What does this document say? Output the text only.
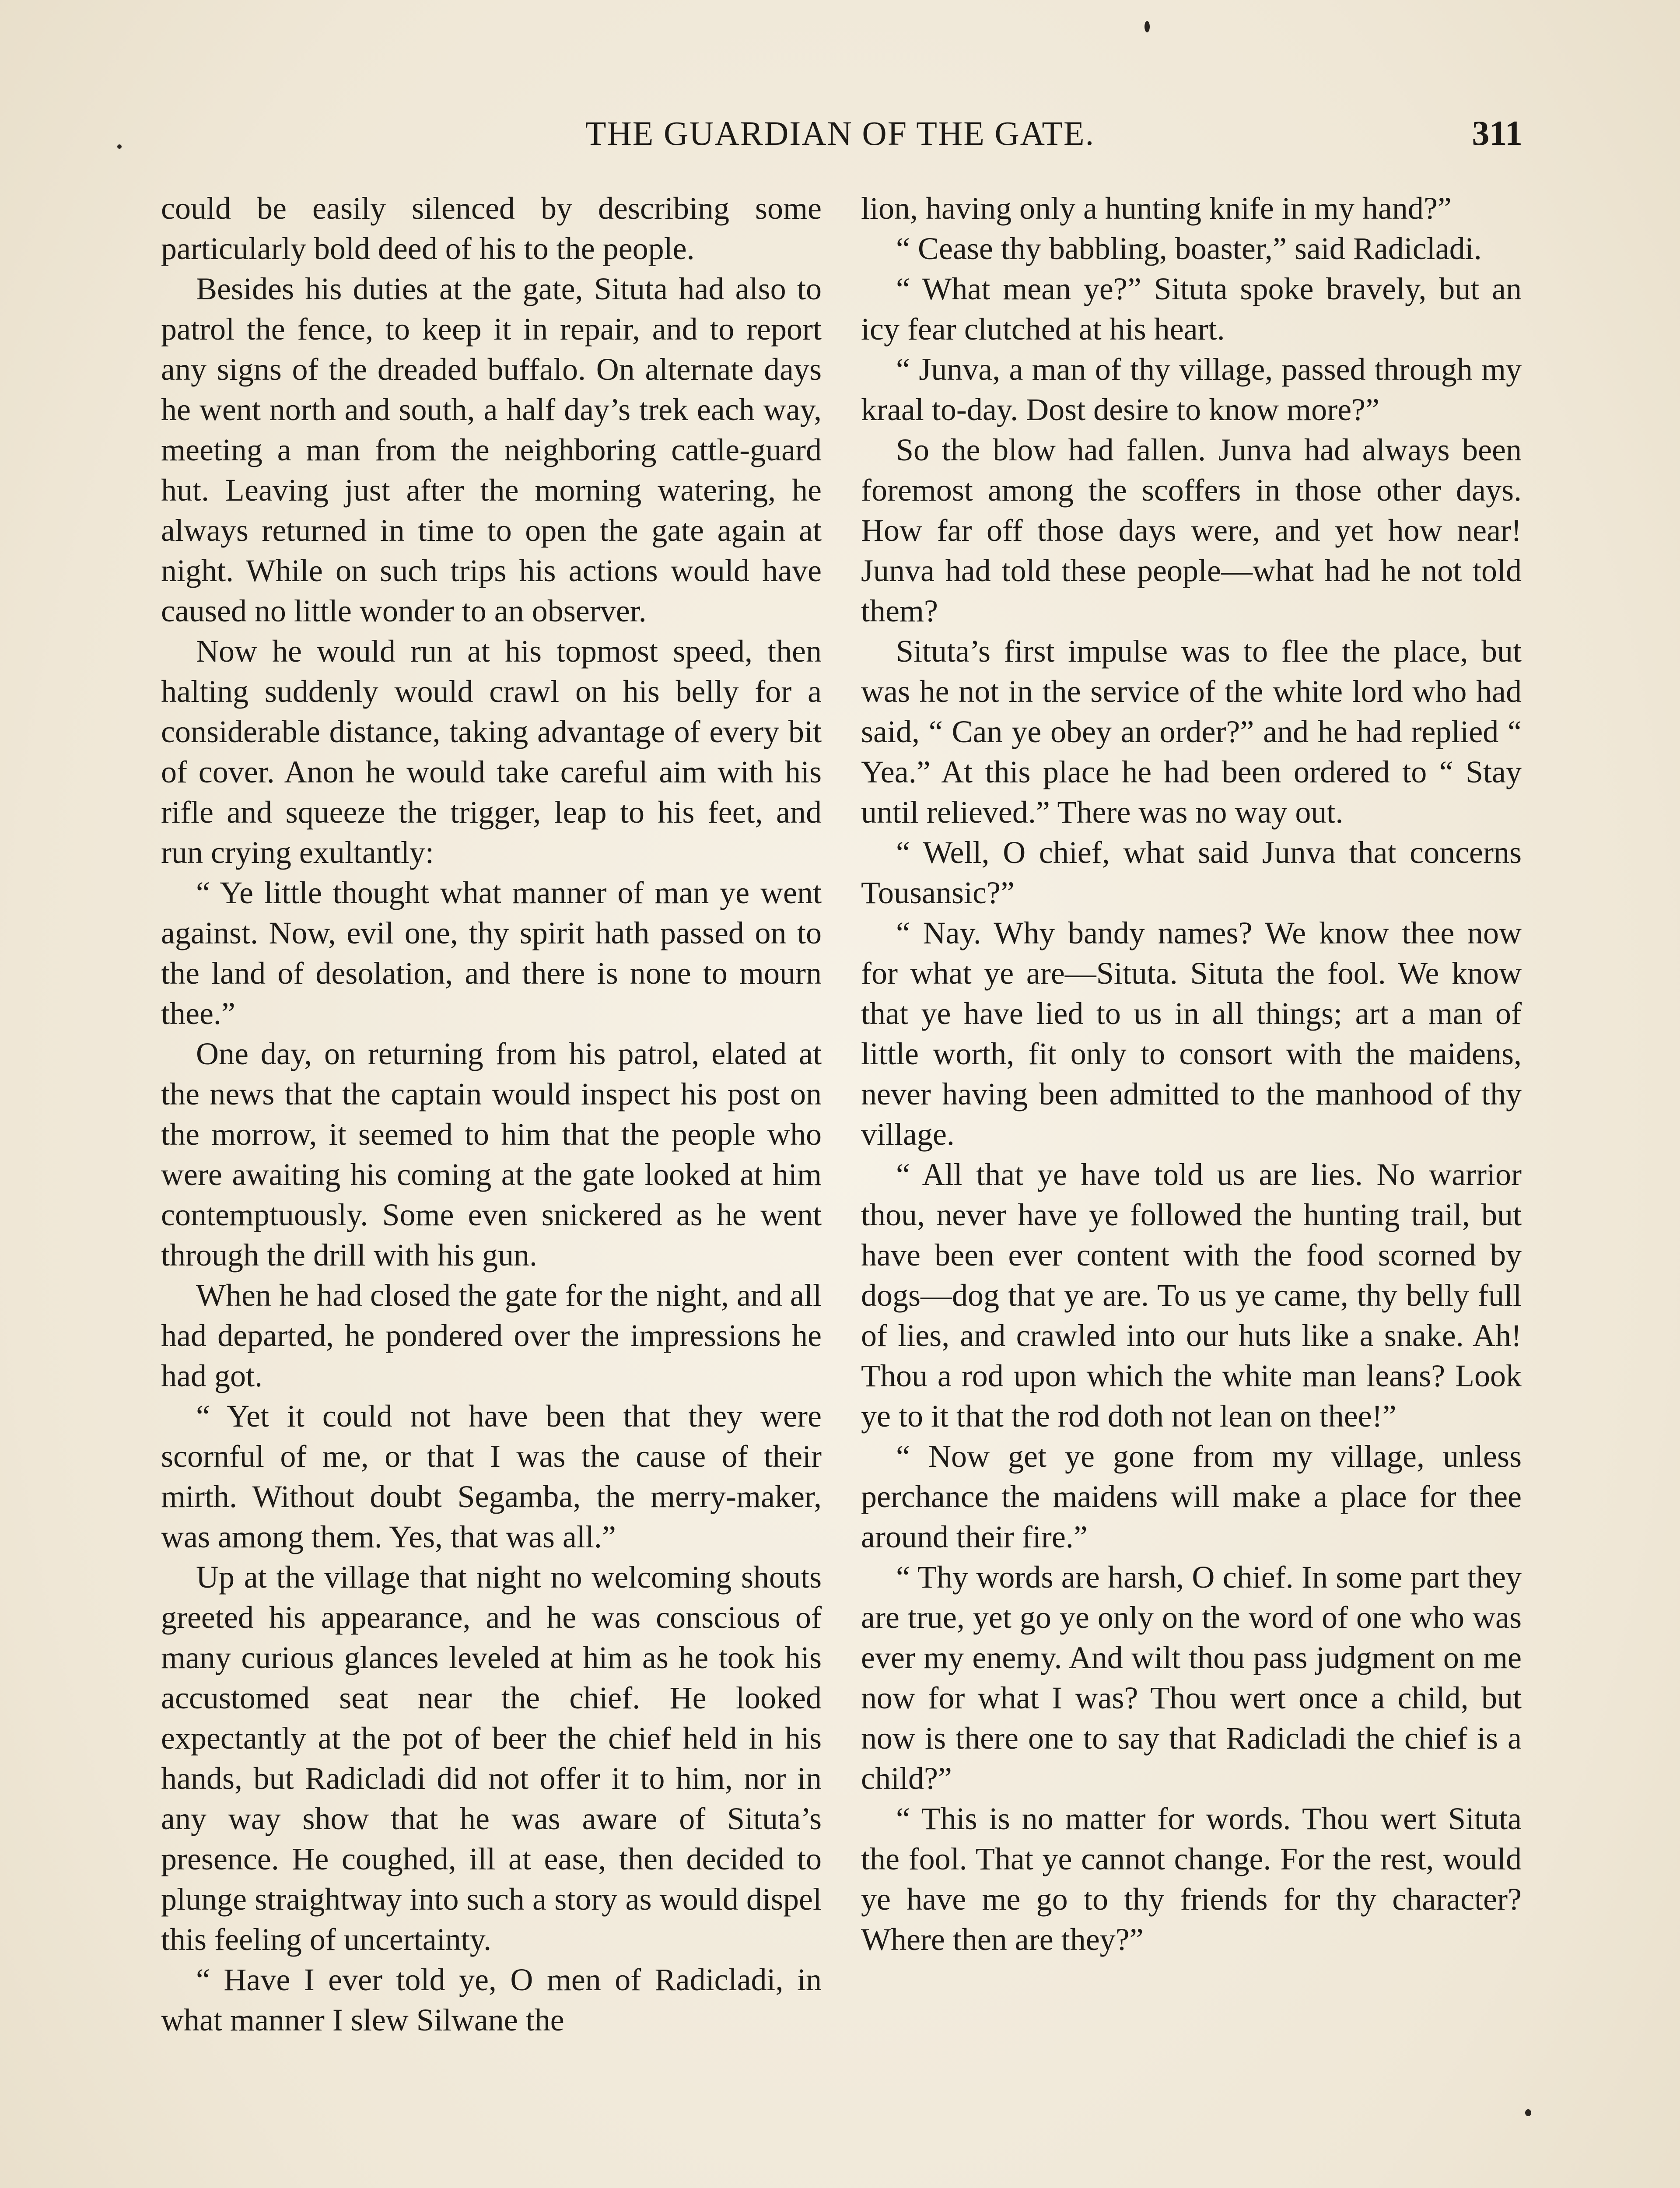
THE GUARDIAN OF THE GATE.	311

could be easily silenced by describing some particularly bold deed of his to the people.

Besides his duties at the gate, Situta had also to patrol the fence, to keep it in repair, and to report any signs of the dreaded buffalo. On alternate days he went north and south, a half day’s trek each way, meeting a man from the neighboring cattle-guard hut. Leaving just after the morning watering, he always returned in time to open the gate again at night. While on such trips his actions would have caused no little wonder to an observer.

Now he would run at his topmost speed, then halting suddenly would crawl on his belly for a considerable distance, taking advantage of every bit of cover. Anon he would take careful aim with his rifle and squeeze the trigger, leap to his feet, and run crying exultantly:

“ Ye little thought what manner of man ye went against. Now, evil one, thy spirit hath passed on to the land of desolation, and there is none to mourn thee.”

One day, on returning from his patrol, elated at the news that the captain would inspect his post on the morrow, it seemed to him that the people who were awaiting his coming at the gate looked at him contemptuously. Some even snickered as he went through the drill with his gun.

When he had closed the gate for the night, and all had departed, he pondered over the impressions he had got.

“ Yet it could not have been that they were scornful of me, or that I was the cause of their mirth. Without doubt Segamba, the merry-maker, was among them. Yes, that was all.”

Up at the village that night no welcoming shouts greeted his appearance, and he was conscious of many curious glances leveled at him as he took his accustomed seat near the chief. He looked expectantly at the pot of beer the chief held in his hands, but Radicladi did not offer it to him, nor in any way show that he was aware of Situta’s presence. He coughed, ill at ease, then decided to plunge straightway into such a story as would dispel this feeling of uncertainty.

“ Have I ever told ye, O men of Radicladi, in what manner I slew Silwane the

lion, having only a hunting knife in my hand?”

“ Cease thy babbling, boaster,” said Radicladi.

“ What mean ye?” Situta spoke bravely, but an icy fear clutched at his heart.

“ Junva, a man of thy village, passed through my kraal to-day. Dost desire to know more?”

So the blow had fallen. Junva had always been foremost among the scoffers in those other days. How far off those days were, and yet how near! Junva had told these people—what had he not told them?

Situta’s first impulse was to flee the place, but was he not in the service of the white lord who had said, “ Can ye obey an order?” and he had replied “ Yea.” At this place he had been ordered to “ Stay until relieved.” There was no way out.

“ Well, O chief, what said Junva that concerns Tousansic?”

“ Nay. Why bandy names? We know thee now for what ye are—Situta. Situta the fool. We know that ye have lied to us in all things; art a man of little worth, fit only to consort with the maidens, never having been admitted to the manhood of thy village.

“ All that ye have told us are lies. No warrior thou, never have ye followed the hunting trail, but have been ever content with the food scorned by dogs—dog that ye are. To us ye came, thy belly full of lies, and crawled into our huts like a snake. Ah! Thou a rod upon which the white man leans? Look ye to it that the rod doth not lean on thee!”

“ Now get ye gone from my village, unless perchance the maidens will make a place for thee around their fire.”

“ Thy words are harsh, O chief. In some part they are true, yet go ye only on the word of one who was ever my enemy. And wilt thou pass judgment on me now for what I was? Thou wert once a child, but now is there one to say that Radicladi the chief is a child?”

“ This is no matter for words. Thou wert Situta the fool. That ye cannot change. For the rest, would ye have me go to thy friends for thy character? Where then are they?”
